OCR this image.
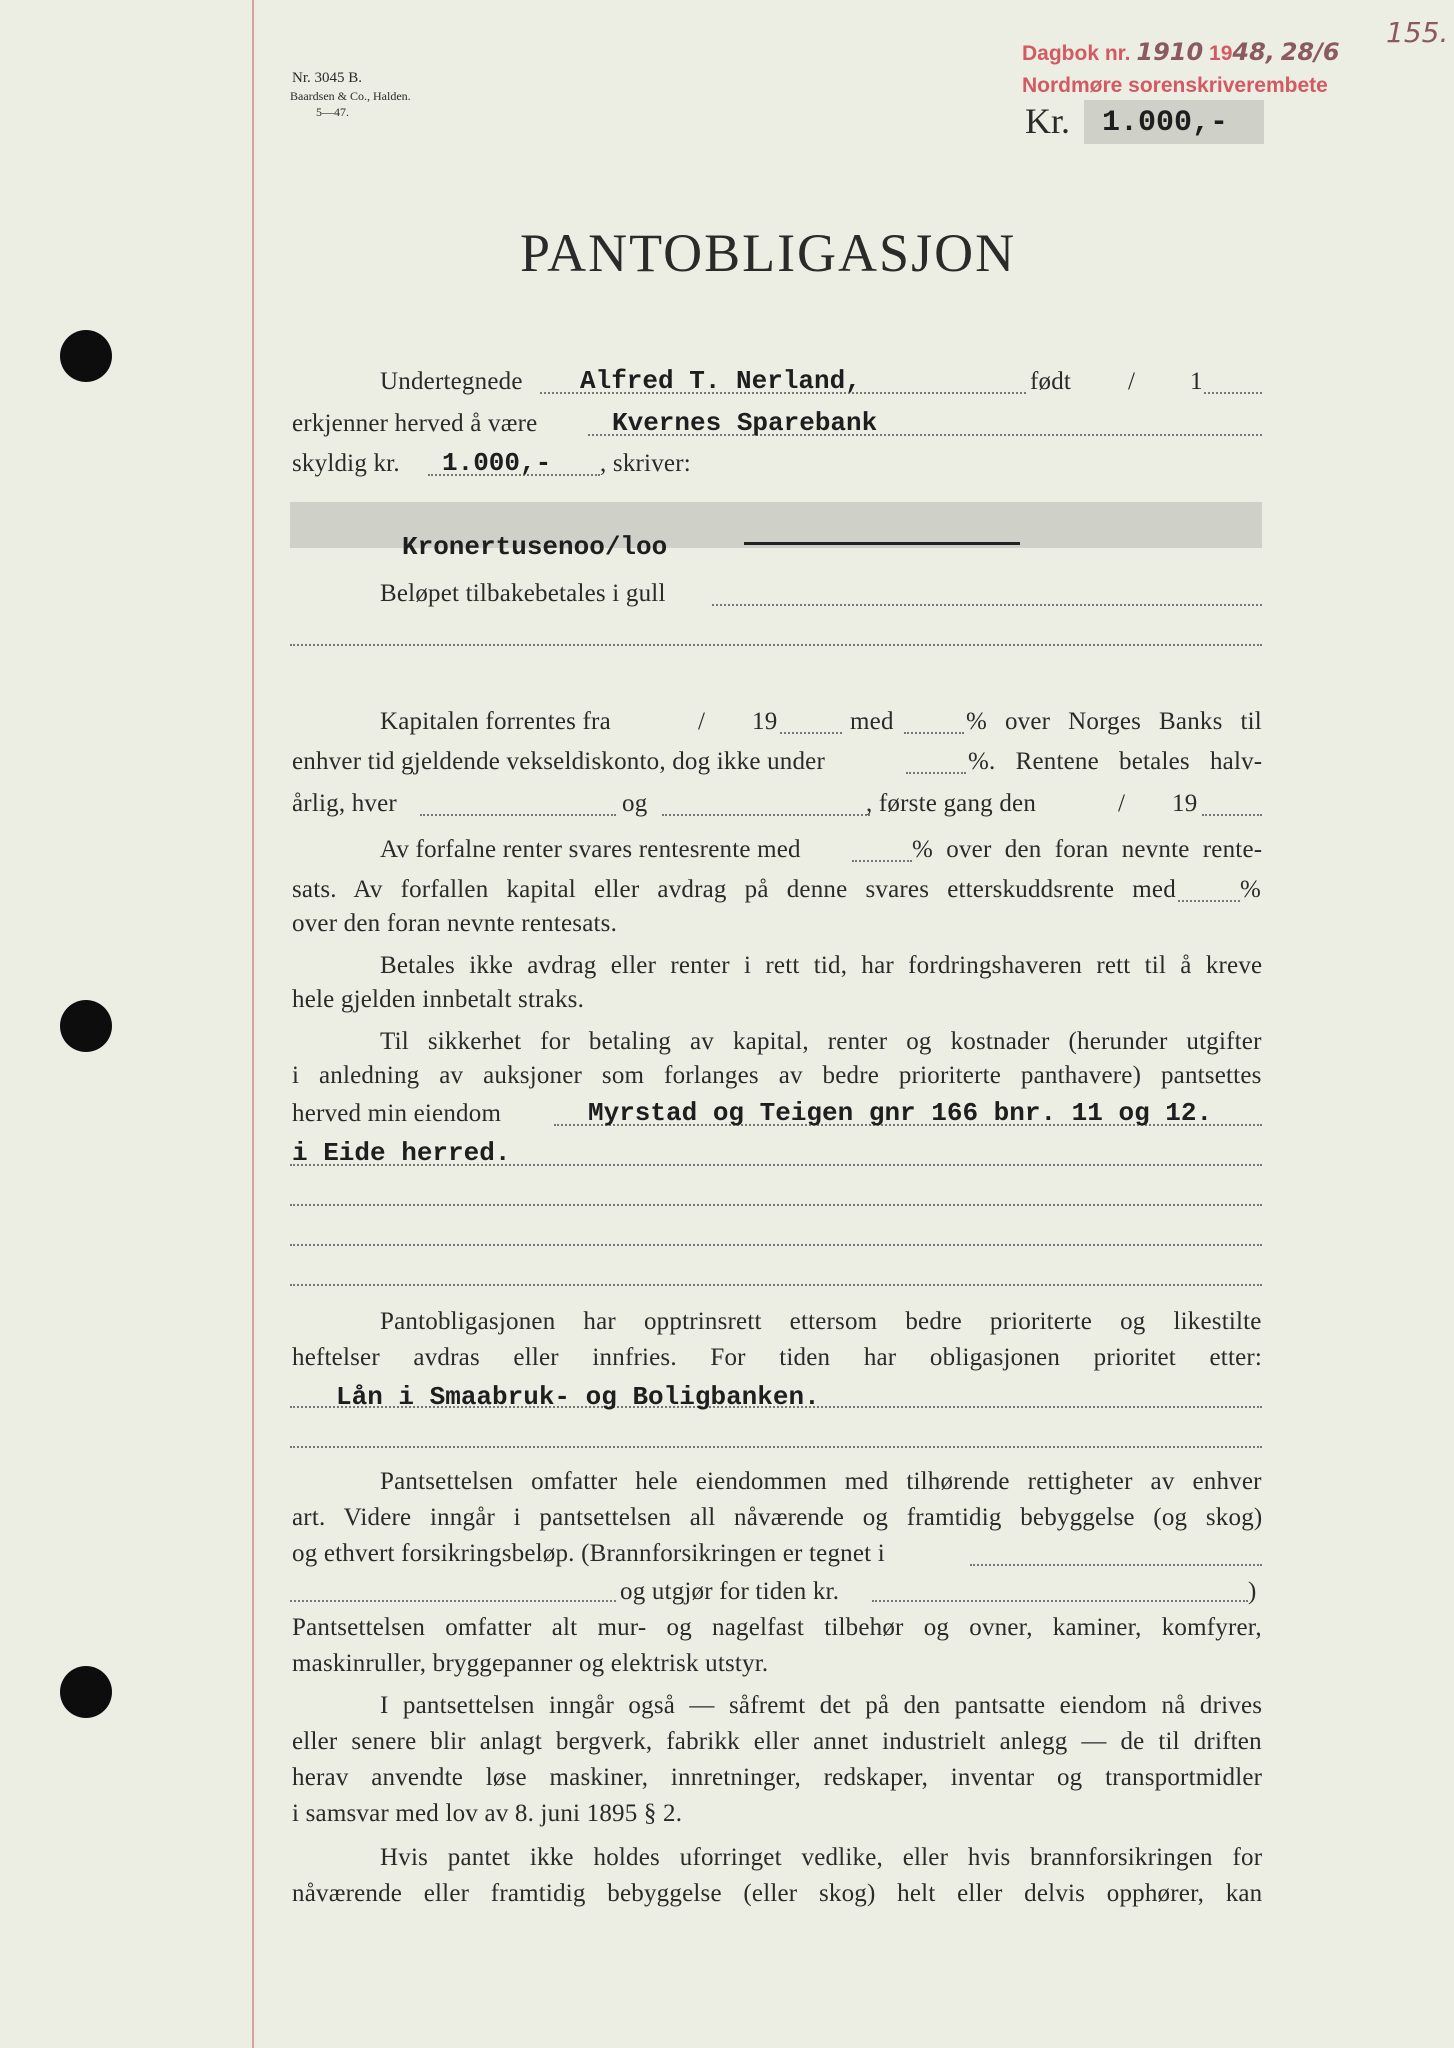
Nr. 3045 B.
Baardsen & Co., Halden.
5—47.
Dagbok nr. 1910 1948, 28/6
Nordmøre sorenskriverembete
155.
Kr. 1.000,-
PANTOBLIGASJON
Undertegnede Alfred T. Nerland,	født / 1
erkjenner herved å være	Kvernes Sparebank
skyldig kr. 1.000,- , skriver:
Kronertusenoo/loo
Beløpet tilbakebetales i gull
Kapitalen forrentes fra	/ 19	med	% over Norges Banks til
enhver tid gjeldende vekseldiskonto, dog ikke under	%. Rentene betales halv-
årlig, hver	og	, første gang den	/ 19
Av forfalne renter svares rentesrente med	% over den foran nevnte rente-
sats. Av forfallen kapital eller avdrag på denne svares etterskuddsrente med	%
over den foran nevnte rentesats.
Betales ikke avdrag eller renter i rett tid, har fordringshaveren rett til å kreve
hele gjelden innbetalt straks.
Til sikkerhet for betaling av kapital, renter og kostnader (herunder utgifter
i anledning av auksjoner som forlanges av bedre prioriterte panthavere) pantsettes
herved min eiendom	Myrstad og Teigen gnr 166 bnr. 11 og 12.
i Eide herred.
Pantobligasjonen har opptrinsrett ettersom bedre prioriterte og likestilte
heftelser avdras eller innfries. For tiden har obligasjonen prioritet etter:
Lån i Smaabruk- og Boligbanken.
Pantsettelsen omfatter hele eiendommen med tilhørende rettigheter av enhver
art. Videre inngår i pantsettelsen all nåværende og framtidig bebyggelse (og skog)
og ethvert forsikringsbeløp. (Brannforsikringen er tegnet i
og utgjør for tiden kr.	)
Pantsettelsen omfatter alt mur- og nagelfast tilbehør og ovner, kaminer, komfyrer,
maskinruller, bryggepanner og elektrisk utstyr.
I pantsettelsen inngår også — såfremt det på den pantsatte eiendom nå drives
eller senere blir anlagt bergverk, fabrikk eller annet industrielt anlegg — de til driften
herav anvendte løse maskiner, innretninger, redskaper, inventar og transportmidler
i samsvar med lov av 8. juni 1895 § 2.
Hvis pantet ikke holdes uforringet vedlike, eller hvis brannforsikringen for
nåværende eller framtidig bebyggelse (eller skog) helt eller delvis opphører, kan
